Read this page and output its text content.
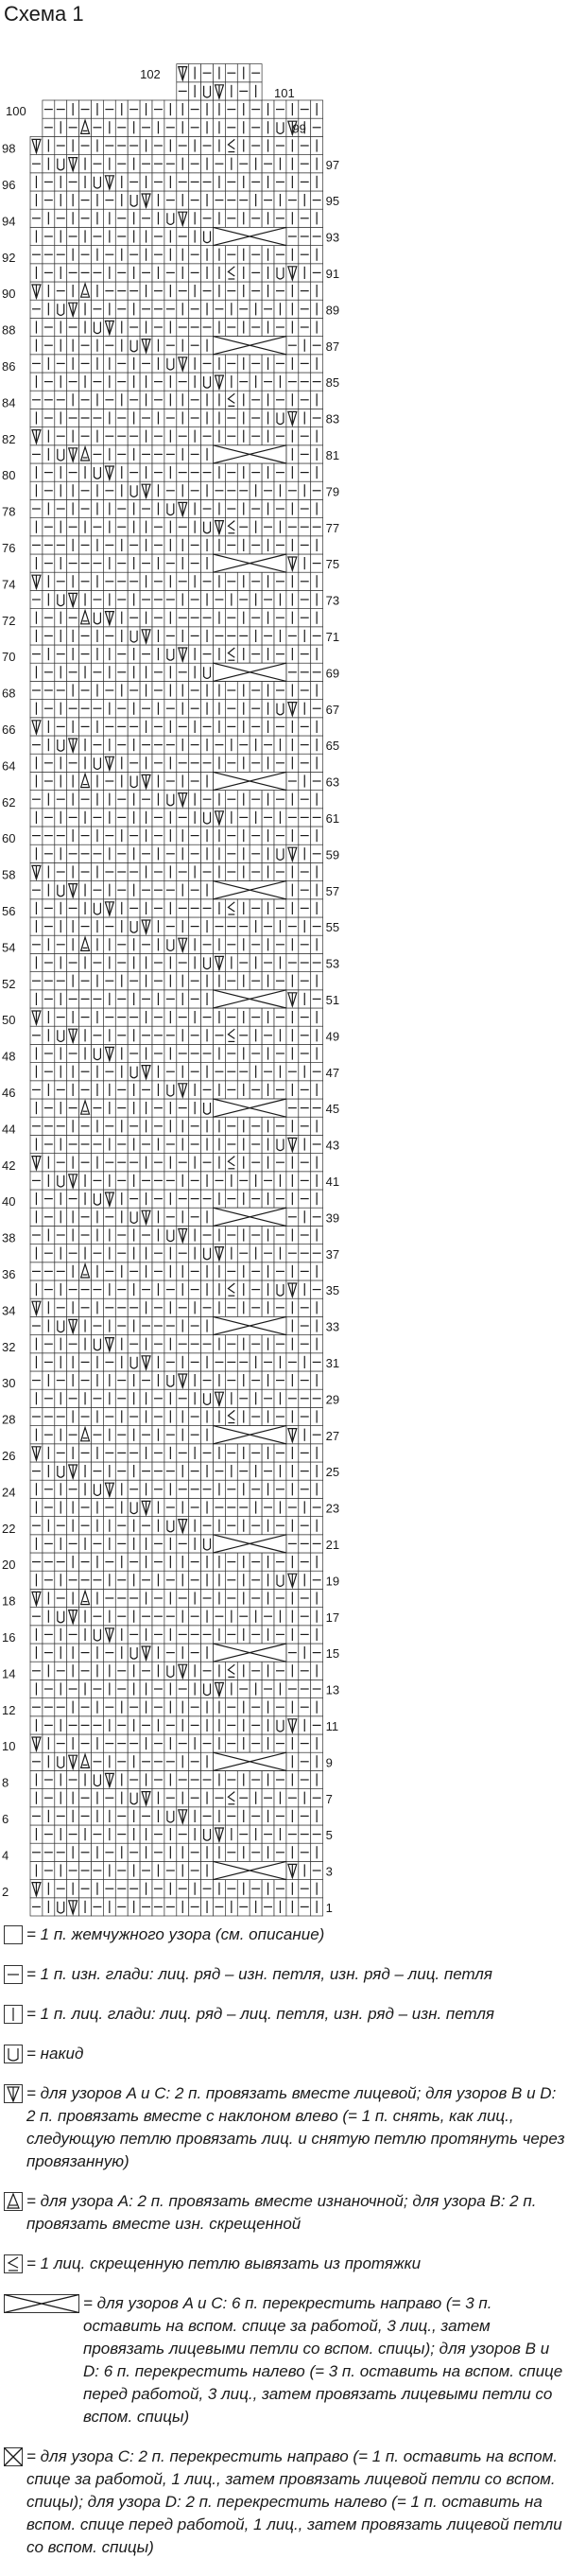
Схема 1
1
2
3
4
5
6
7
8
9
10
11
12
13
14
15
16
17
18
19
20
21
22
23
24
25
26
27
28
29
30
31
32
33
34
35
36
37
38
39
40
41
42
43
44
45
46
47
48
49
50
51
52
53
54
55
56
57
58
59
60
61
62
63
64
65
66
67
68
69
70
71
72
73
74
75
76
77
78
79
80
81
82
83
84
85
86
87
88
89
90
91
92
93
94
95
96
97
98
99
100
101
102
= 1 п. жемчужного узора (см. описание)
= 1 п. изн. глади: лиц. ряд – изн. петля, изн. ряд – лиц. петля
= 1 п. лиц. глади: лиц. ряд – лиц. петля, изн. ряд – изн. петля
= накид
= для узоров A и C: 2 п. провязать вместе лицевой; для узоров B и D: 2 п. провязать вместе с наклоном влево (= 1 п. снять, как лиц., следующую петлю провязать лиц. и снятую петлю протянуть через провязанную)
= для узора A: 2 п. провязать вместе изнаночной; для узора B: 2 п. провязать вместе изн. скрещенной
= 1 лиц. скрещенную петлю вывязать из протяжки
= для узоров A и C: 6 п. перекрестить направо (= 3 п. оставить на вспом. спице за работой, 3 лиц., затем провязать лицевыми петли со вспом. спицы); для узоров B и D: 6 п. перекрестить налево (= 3 п. оставить на вспом. спице перед работой, 3 лиц., затем провязать лицевыми петли со вспом. спицы)
= для узора C: 2 п. перекрестить направо (= 1 п. оставить на вспом. спице за работой, 1 лиц., затем провязать лицевой петли со вспом. спицы); для узора D: 2 п. перекрестить налево (= 1 п. оставить на вспом. спице перед работой, 1 лиц., затем провязать лицевой петли со вспом. спицы)
